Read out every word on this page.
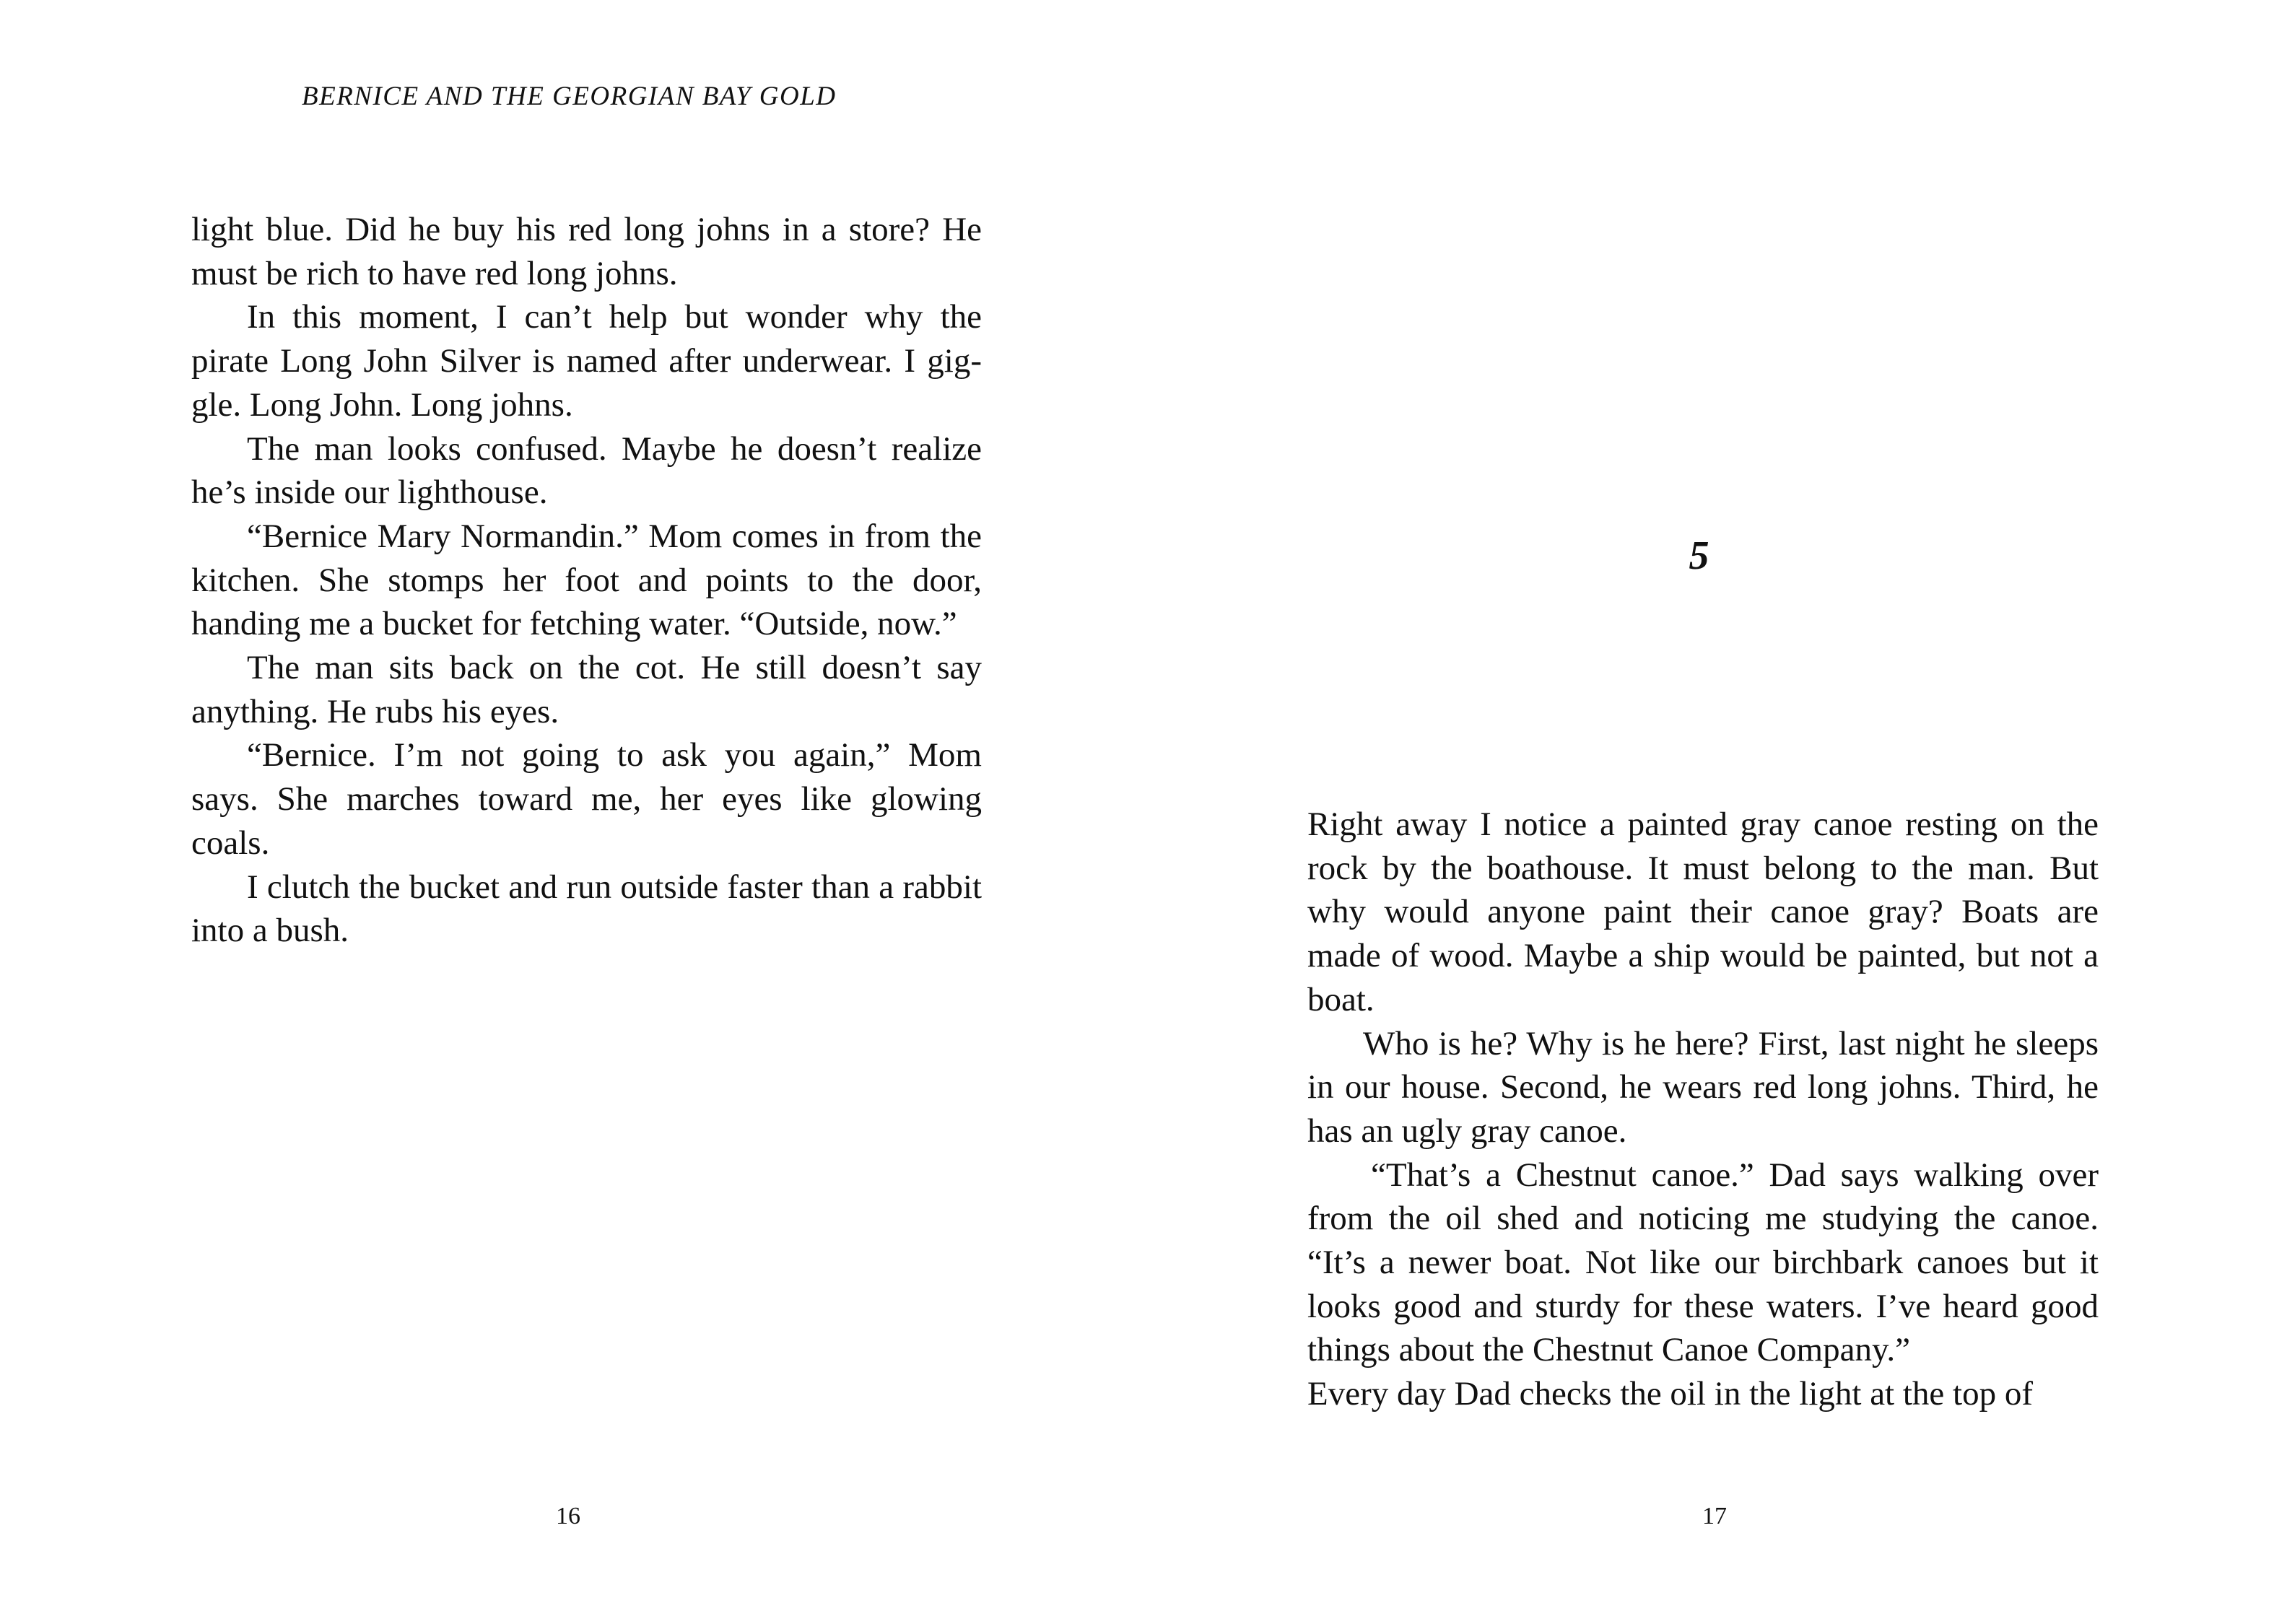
BERNICE AND THE GEORGIAN BAY GOLD

light blue. Did he buy his red long johns in a store? He must be rich to have red long johns.

In this moment, I can’t help but wonder why the pirate Long John Silver is named after underwear. I giggle. Long John. Long johns.

The man looks confused. Maybe he doesn’t realize he’s inside our lighthouse.

“Bernice Mary Normandin.” Mom comes in from the kitchen. She stomps her foot and points to the door, handing me a bucket for fetching water. “Outside, now.”

The man sits back on the cot. He still doesn’t say anything. He rubs his eyes.

“Bernice. I’m not going to ask you again,” Mom says. She marches toward me, her eyes like glowing coals.

I clutch the bucket and run outside faster than a rabbit into a bush.

16
5

Right away I notice a painted gray canoe resting on the rock by the boathouse. It must belong to the man. But why would anyone paint their canoe gray? Boats are made of wood. Maybe a ship would be painted, but not a boat.

Who is he? Why is he here? First, last night he sleeps in our house. Second, he wears red long johns. Third, he has an ugly gray canoe.

“That’s a Chestnut canoe.” Dad says walking over from the oil shed and noticing me studying the canoe. “It’s a newer boat. Not like our birchbark canoes but it looks good and sturdy for these waters. I’ve heard good things about the Chestnut Canoe Company.”

Every day Dad checks the oil in the light at the top of

17
